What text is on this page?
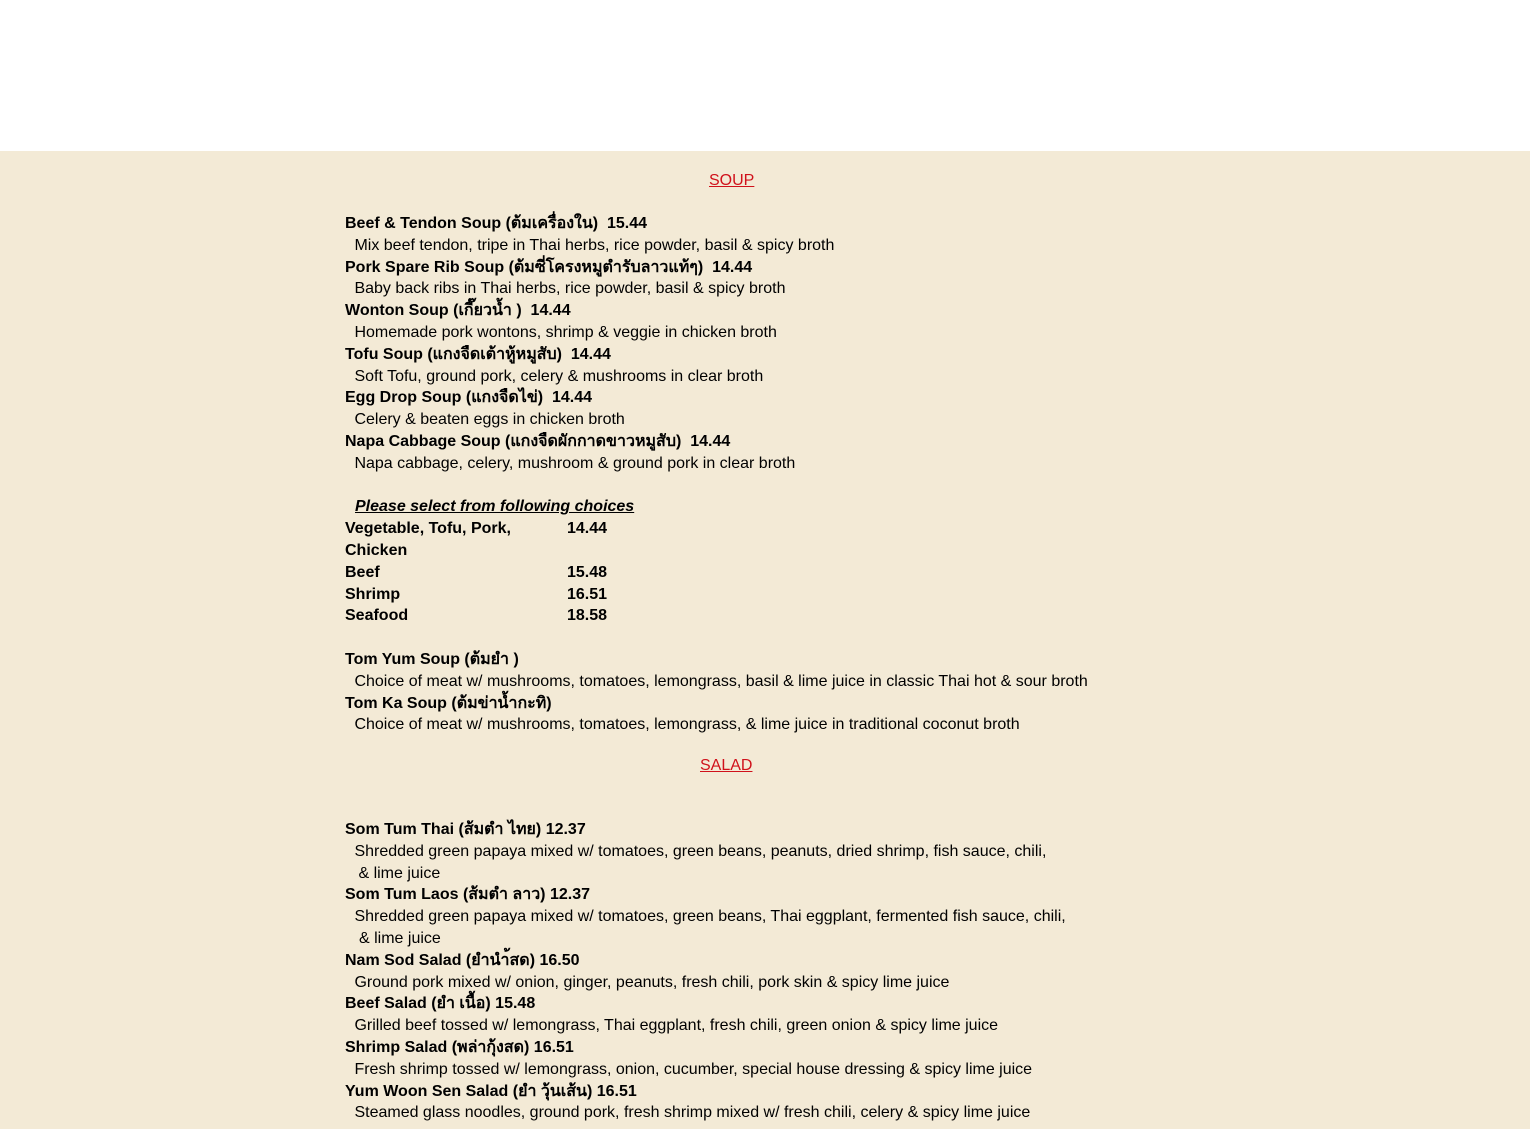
SOUP
Beef & Tendon Soup (ต้มเครื่องใน)  15.44
Mix beef tendon, tripe in Thai herbs, rice powder, basil & spicy broth
Pork Spare Rib Soup (ต้มซี่โครงหมูตำรับลาวแท้ๆ)  14.44
Baby back ribs in Thai herbs, rice powder, basil & spicy broth
Wonton Soup (เกี๊ยวน้ำ )  14.44
Homemade pork wontons, shrimp & veggie in chicken broth
Tofu Soup (แกงจืดเต้าหู้หมูสับ)  14.44
Soft Tofu, ground pork, celery & mushrooms in clear broth
Egg Drop Soup (แกงจืดไข่)  14.44
Celery & beaten eggs in chicken broth
Napa Cabbage Soup (แกงจืดผักกาดขาวหมูสับ)  14.44
Napa cabbage, celery, mushroom & ground pork in clear broth
Please select from following choices
Vegetable, Tofu, Pork, Chicken
14.44
Beef	15.48
Shrimp	16.51
Seafood	18.58
Tom Yum Soup (ต้มยำ )
Choice of meat w/ mushrooms, tomatoes, lemongrass, basil & lime juice in classic Thai hot & sour broth
Tom Ka Soup (ต้มข่าน้ำกะทิ)
Choice of meat w/ mushrooms, tomatoes, lemongrass, & lime juice in traditional coconut broth
SALAD
Som Tum Thai (ส้มตำ ไทย) 12.37
Shredded green papaya mixed w/ tomatoes, green beans, peanuts, dried shrimp, fish sauce, chili,
& lime juice
Som Tum Laos (ส้มตำ ลาว) 12.37
Shredded green papaya mixed w/ tomatoes, green beans, Thai eggplant, fermented fish sauce, chili,
& lime juice
Nam Sod Salad (ยำนำ้สด) 16.50
Ground pork mixed w/ onion, ginger, peanuts, fresh chili, pork skin & spicy lime juice
Beef Salad (ยำ เนื้อ) 15.48
Grilled beef tossed w/ lemongrass, Thai eggplant, fresh chili, green onion & spicy lime juice
Shrimp Salad (พล่ากุ้งสด) 16.51
Fresh shrimp tossed w/ lemongrass, onion, cucumber, special house dressing & spicy lime juice
Yum Woon Sen Salad (ยำ วุ้นเส้น) 16.51
Steamed glass noodles, ground pork, fresh shrimp mixed w/ fresh chili, celery & spicy lime juice
